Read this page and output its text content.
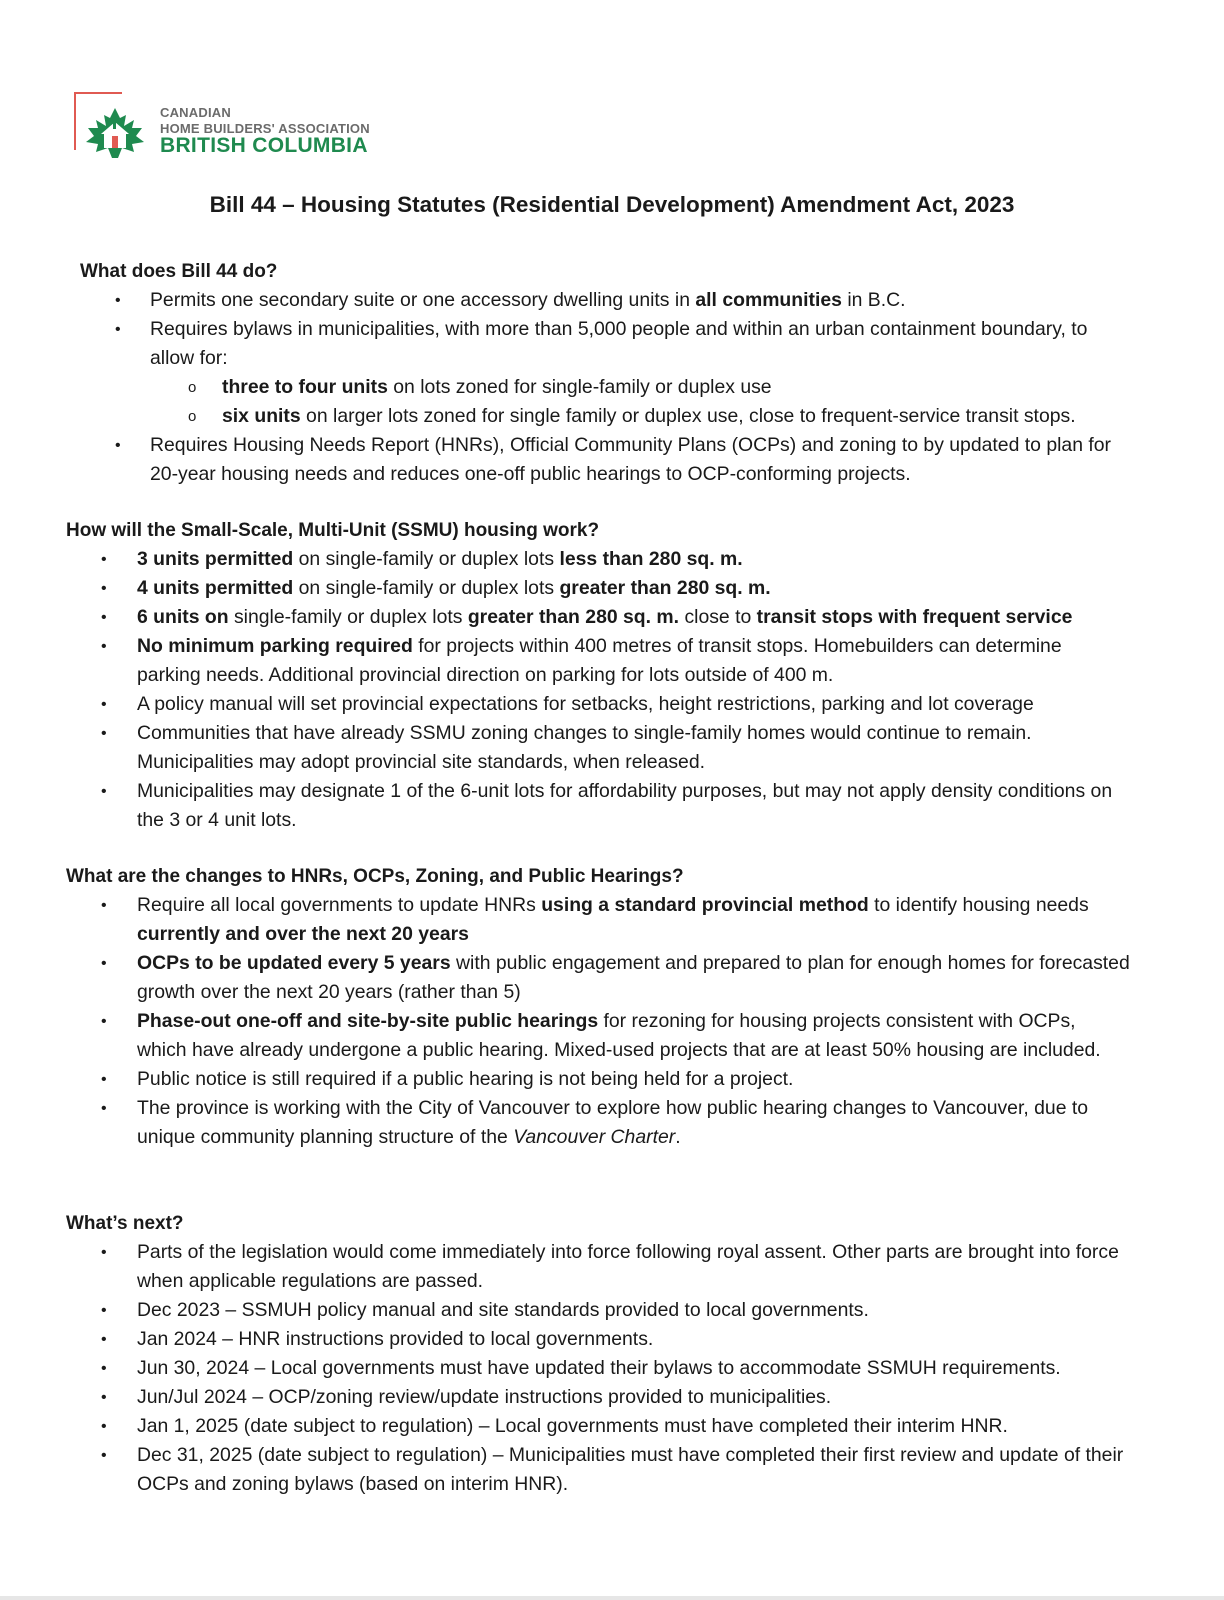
CANADIAN
HOME BUILDERS' ASSOCIATION
BRITISH COLUMBIA
Bill 44 – Housing Statutes (Residential Development) Amendment Act, 2023
What does Bill 44 do?
• Permits one secondary suite or one accessory dwelling units in all communities in B.C.
• Requires bylaws in municipalities, with more than 5,000 people and within an urban containment boundary, to allow for:
o three to four units on lots zoned for single-family or duplex use
o six units on larger lots zoned for single family or duplex use, close to frequent-service transit stops.
• Requires Housing Needs Report (HNRs), Official Community Plans (OCPs) and zoning to by updated to plan for 20-year housing needs and reduces one-off public hearings to OCP-conforming projects.
How will the Small-Scale, Multi-Unit (SSMU) housing work?
• 3 units permitted on single-family or duplex lots less than 280 sq. m.
• 4 units permitted on single-family or duplex lots greater than 280 sq. m.
• 6 units on single-family or duplex lots greater than 280 sq. m. close to transit stops with frequent service
• No minimum parking required for projects within 400 metres of transit stops. Homebuilders can determine parking needs. Additional provincial direction on parking for lots outside of 400 m.
• A policy manual will set provincial expectations for setbacks, height restrictions, parking and lot coverage
• Communities that have already SSMU zoning changes to single-family homes would continue to remain. Municipalities may adopt provincial site standards, when released.
• Municipalities may designate 1 of the 6-unit lots for affordability purposes, but may not apply density conditions on the 3 or 4 unit lots.
What are the changes to HNRs, OCPs, Zoning, and Public Hearings?
• Require all local governments to update HNRs using a standard provincial method to identify housing needs currently and over the next 20 years
• OCPs to be updated every 5 years with public engagement and prepared to plan for enough homes for forecasted growth over the next 20 years (rather than 5)
• Phase-out one-off and site-by-site public hearings for rezoning for housing projects consistent with OCPs, which have already undergone a public hearing. Mixed-used projects that are at least 50% housing are included.
• Public notice is still required if a public hearing is not being held for a project.
• The province is working with the City of Vancouver to explore how public hearing changes to Vancouver, due to unique community planning structure of the Vancouver Charter.
What’s next?
• Parts of the legislation would come immediately into force following royal assent. Other parts are brought into force when applicable regulations are passed.
• Dec 2023 – SSMUH policy manual and site standards provided to local governments.
• Jan 2024 – HNR instructions provided to local governments.
• Jun 30, 2024 – Local governments must have updated their bylaws to accommodate SSMUH requirements.
• Jun/Jul 2024 – OCP/zoning review/update instructions provided to municipalities.
• Jan 1, 2025 (date subject to regulation) – Local governments must have completed their interim HNR.
• Dec 31, 2025 (date subject to regulation) – Municipalities must have completed their first review and update of their OCPs and zoning bylaws (based on interim HNR).
